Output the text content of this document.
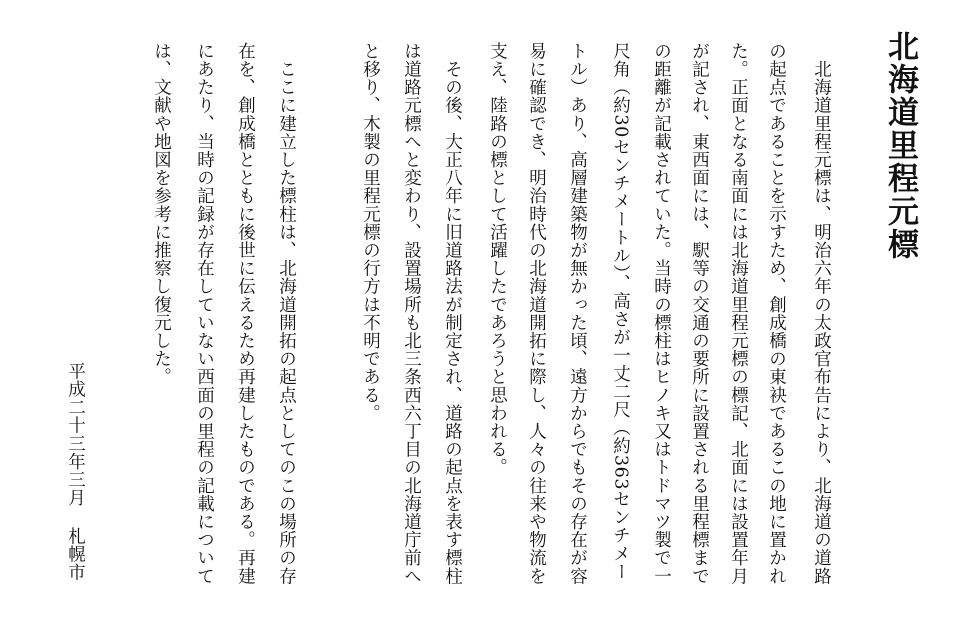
北海道里程元標

　北海道里程元標は、明治六年の太政官布告により、北海道の道路

の起点であることを示すため、創成橋の東袂であるこの地に置かれ

た。正面となる南面には北海道里程元標の標記、北面には設置年月

が記され、東西面には、駅等の交通の要所に設置される里程標まで

の距離が記載されていた。当時の標柱はヒノキ又はトドマツ製で一

尺角（約30センチメートル）、高さが一丈二尺（約363センチメー

トル）あり、高層建築物が無かった頃、遠方からでもその存在が容

易に確認でき、明治時代の北海道開拓に際し、人々の往来や物流を

支え、陸路の標として活躍したであろうと思われる。

　その後、大正八年に旧道路法が制定され、道路の起点を表す標柱

は道路元標へと変わり、設置場所も北三条西六丁目の北海道庁前へ

と移り、木製の里程元標の行方は不明である。

　ここに建立した標柱は、北海道開拓の起点としてのこの場所の存

在を、創成橋とともに後世に伝えるため再建したものである。再建

にあたり、当時の記録が存在していない西面の里程の記載について

は、文献や地図を参考に推察し復元した。

平成二十三年三月

札幌市
